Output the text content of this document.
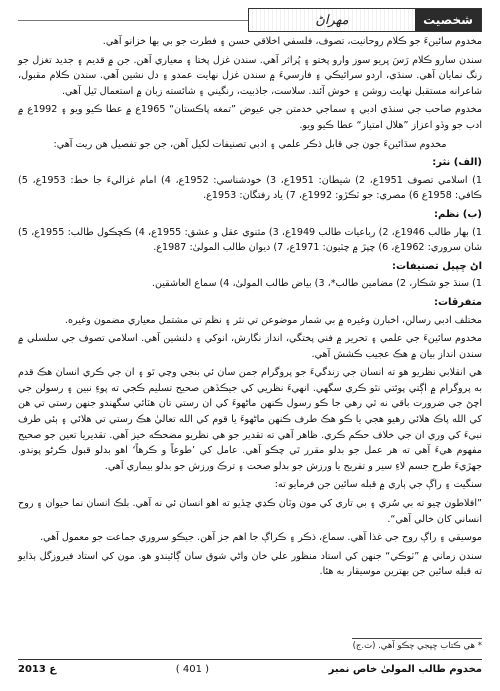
شخصيت
مهراڻ

مخدوم سائينءَ جو ڪلام روحانيت، تصوف، فلسفي اخلاقي حسن ۽ فطرت جو بي بها خزانو آهي.

سندن سارو ڪلام رَسَ ڀريو سوز وارو پختو ۽ پُراثر آهي. سندن غزل پختا ۽ معياري آهن. جن ۾ قديم ۽ جديد تغزل جو رنگ نمايان آهي. سنڌي، اردو سرائيڪي ۽ فارسيءَ ۾ سندن غزل نهايت عمدو ۽ دل نشين آهي. سندن ڪلام مقبول، شاعرانه مستقبل نهايت روشن ۽ خوش آئند. سلاست، جاذبيت، رنگيني ۽ شائسته زبان ۾ استعمال ٿيل آهي.

مخدوم صاحب جي سنڌي ادبي ۽ سماجي خدمتن جي عيوض ”تمغه پاڪستان“ 1965ع ۾ عطا ڪيو ويو ۽ 1992ع ۾ ادب جو وڏو اعزاز ”هلال امتياز“ عطا ڪيو ويو.

مخدوم سڌائينءَ جون جي قابل ذڪر علمي ۽ ادبي تصنيفات لکيل آهن، جن جو تفصيل هن ريت آهي:

(الف) نثر:

1) اسلامي تصوف 1951ع، 2) شيطان: 1951ع، 3) خودشناسي: 1952ع، 4) امام غزاليءَ جا خط: 1953ع، 5) ڪافي: 1958ع 6) مصري: جو ٽڪڙو: 1992ع، 7) ياد رفتگان: 1953ع.

(ب) نظم:

1) بهار طالب 1946ع، 2) رباعيات طالب 1949ع، 3) مثنوي عقل و عشق: 1955ع، 4) ڪچڪول طالب: 1955ع، 5) شان سروري: 1962ع، 6) چپڙ ۾ چٽيون: 1971ع، 7) ديوان طالب المولىٰ: 1987ع.

اڻ ڇپيل تصنيفات:

1) سنڌ جو شڪار، 2) مضامين طالب*، 3) بياض طالب المولىٰ، 4) سماع العاشقين.

متفرقات:

مختلف ادبي رسالن، اخبارن وغيره ۾ بي شمار موضوعن تي نثر ۽ نظم تي مشتمل معياري مضمون وغيره.

مخدوم سائينءَ جي علمي ۽ تحرير ۾ فني پختگي، انداز نگارش، انوکي ۽ دلنشين آهي. اسلامي تصوف جي سلسلي ۾ سندن انداز بيان ۾ هڪ عجيب ڪشش آهي.

هي انقلابي نظريو هو ته انسان جي زندگيءَ جو پروگرام جمن سان ئي بنجي وڃي ٿو ۽ ان جي ڪري انسان هڪ قدم به پروگرام ۾ اڳتي پوئتي نٿو ڪري سگهي. انهيءَ نظريي کي جيڪڏهن صحيح تسليم ڪجي ته پوءِ نبين ۽ رسولن جي اچڻ جي ضرورت باقي نه ٿي رهي جا ڪو رسول ڪنهن ماڻهوءَ کي ان رستي تان هٽائي سگهندو جنهن رستي تي هن کي الله پاڪ هلائي رهيو هجي يا ڪو هڪ طرف ڪنهن ماڻهوءَ يا قوم کي الله تعاليٰ هڪ رستي تي هلائي ۽ ٻئي طرف نبيءَ کي وري ان جي خلاف حڪم ڪري. ظاهر آهي ته تقدير جو هي نظريو مضحڪه خيز آهي. تقديريا تعين جو صحيح مفهوم هيءَ آهي ته هر عمل جو بدلو مقرر ٿي چڪو آهي. عامل کي ’طوعاً و ڪرهاً‘ اهو بدلو قبول ڪرڻو پوندو. جهڙيءَ طرح جسم لاءِ سير و تفريح يا ورزش جو بدلو صحت ۽ ترڪ ورزش جو بدلو بيماري آهي.

سنگيت ۽ راڳ جي ٻاري ۾ قبله سائين جن فرمايو ته:

”افلاطون چيو ته بي سُري ۽ بي تاري کي مون وٽان ڪڍي ڇڏيو ته اهو انسان ئي نه آهي. بلڪ انسان نما حيوان ۽ روح انساني کان خالي آهي“.

موسيقي ۽ راڳ روح جي غذا آهي. سماع، ذڪر ۽ ڪراڳ جا اهم جز آهن. جيڪو سروري جماعت جو معمول آهي.

سندن زماني ۾ ”ٽوڪي“ جنهن کي استاد منظور علي خان واڻي شوق سان ڳائيندو هو. مون کي استاد فيروزگل ٻڌايو ته قبله سائين جن بهترين موسيقار به هئا.

* هي ڪتاب ڇپجي چڪو آهي. (ت.ج)
2013 ع	( 401 )	مخدوم طالب المولىٰ خاص نمبر
